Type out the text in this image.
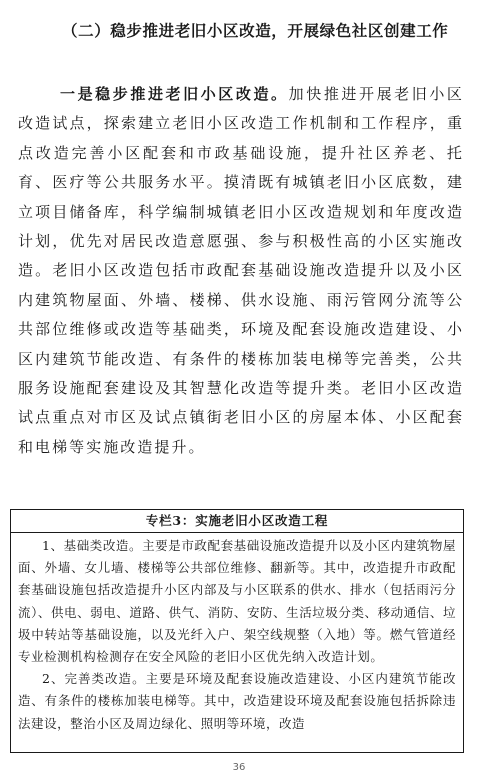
（二）稳步推进老旧小区改造，开展绿色社区创建工作
一是稳步推进老旧小区改造。加快推进开展老旧小区改造试点，探索建立老旧小区改造工作机制和工作程序，重点改造完善小区配套和市政基础设施，提升社区养老、托育、医疗等公共服务水平。摸清既有城镇老旧小区底数，建立项目储备库，科学编制城镇老旧小区改造规划和年度改造计划，优先对居民改造意愿强、参与积极性高的小区实施改造。老旧小区改造包括市政配套基础设施改造提升以及小区内建筑物屋面、外墙、楼梯、供水设施、雨污管网分流等公共部位维修或改造等基础类，环境及配套设施改造建设、小区内建筑节能改造、有条件的楼栋加装电梯等完善类，公共服务设施配套建设及其智慧化改造等提升类。老旧小区改造试点重点对市区及试点镇街老旧小区的房屋本体、小区配套和电梯等实施改造提升。
专栏3：实施老旧小区改造工程

1、基础类改造。主要是市政配套基础设施改造提升以及小区内建筑物屋面、外墙、女儿墙、楼梯等公共部位维修、翻新等。其中，改造提升市政配套基础设施包括改造提升小区内部及与小区联系的供水、排水（包括雨污分流）、供电、弱电、道路、供气、消防、安防、生活垃圾分类、移动通信、垃圾中转站等基础设施，以及光纤入户、架空线规整（入地）等。燃气管道经专业检测机构检测存在安全风险的老旧小区优先纳入改造计划。

2、完善类改造。主要是环境及配套设施改造建设、小区内建筑节能改造、有条件的楼栋加装电梯等。其中，改造建设环境及配套设施包括拆除违法建设，整治小区及周边绿化、照明等环境，改造

36
